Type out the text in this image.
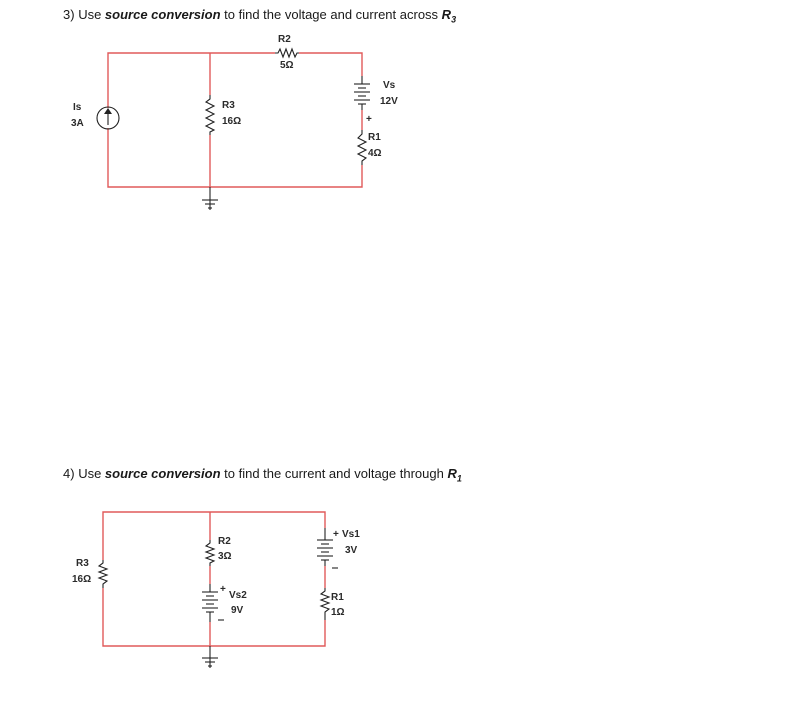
3) Use source conversion to find the voltage and current across $R_3$
4) Use source conversion to find the current and voltage through $R_1$
R2
5Ω
Is
3A
R3
16Ω
Vs
12V
+
R1
4Ω
R3
16Ω
R2
3Ω
+
Vs2
9V
+ Vs1
3V
R1
1Ω
